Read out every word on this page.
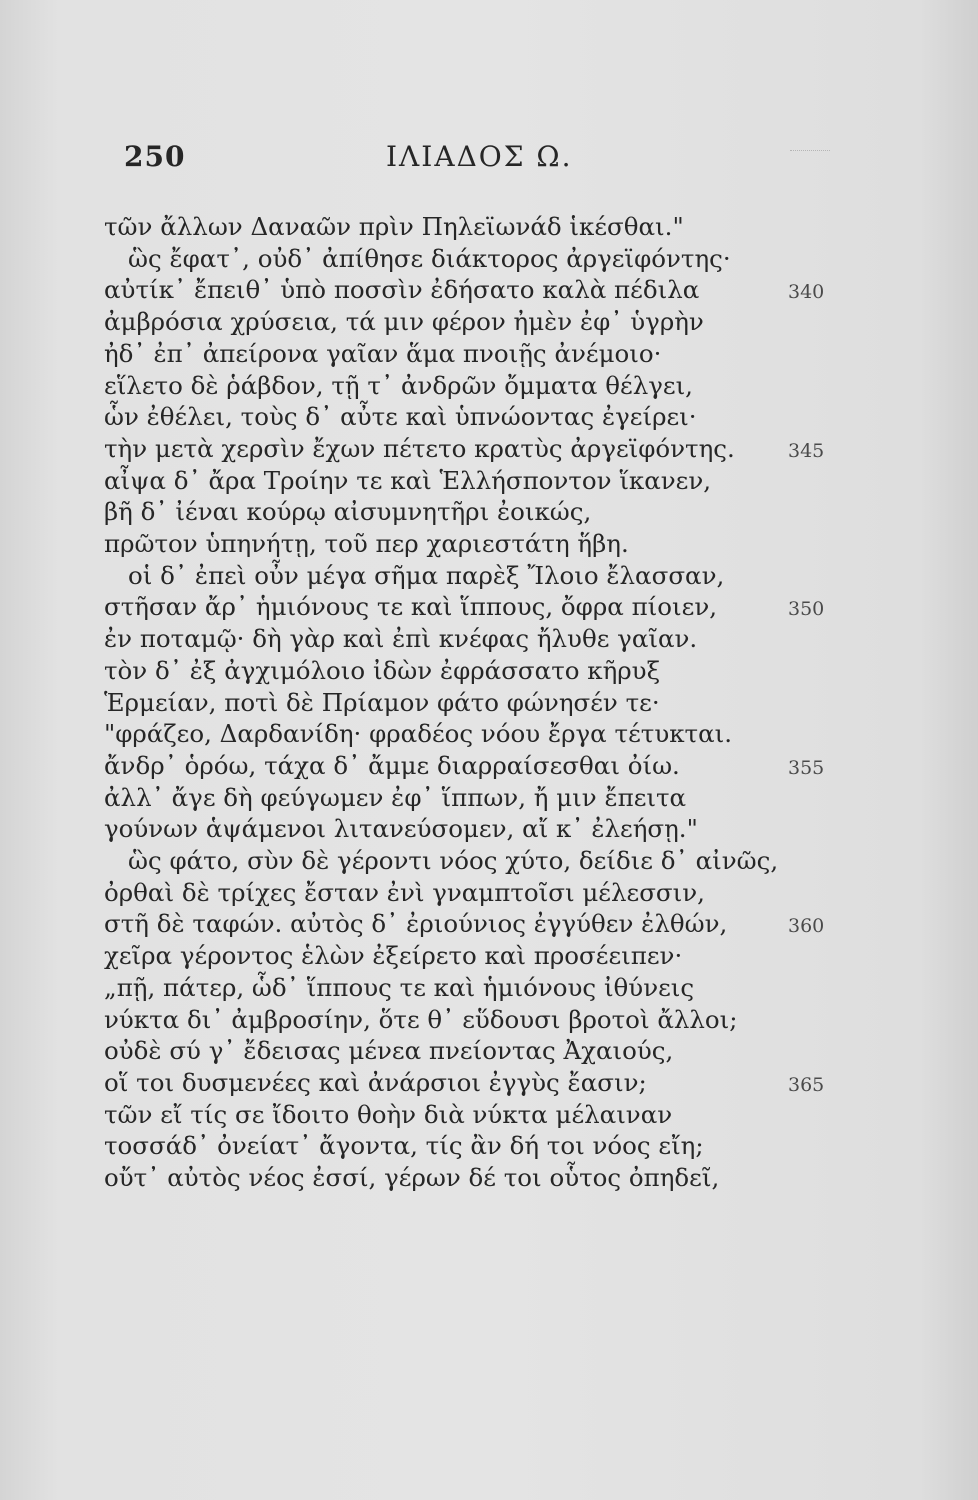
250	ΙΛΙΑΔΟΣ Ω.
τῶν ἄλλων Δαναῶν πρὶν Πηλεϊωνάδ ἱκέσθαι."
ὣς ἔφατ᾽, οὐδ᾽ ἀπίθησε διάκτορος ἀργεϊφόντης·
αὐτίκ᾽ ἔπειθ᾽ ὑπὸ ποσσὶν ἐδήσατο καλὰ πέδιλα	340
ἀμβρόσια χρύσεια, τά μιν φέρον ἠμὲν ἐφ᾽ ὑγρὴν
ἠδ᾽ ἐπ᾽ ἀπείρονα γαῖαν ἅμα πνοιῇς ἀνέμοιο·
εἵλετο δὲ ῥάβδον, τῇ τ᾽ ἀνδρῶν ὄμματα θέλγει,
ὧν ἐθέλει, τοὺς δ᾽ αὖτε καὶ ὑπνώοντας ἐγείρει·
τὴν μετὰ χερσὶν ἔχων πέτετο κρατὺς ἀργεϊφόντης.	345
αἶψα δ᾽ ἄρα Τροίην τε καὶ Ἑλλήσποντον ἵκανεν,
βῆ δ᾽ ἰέναι κούρῳ αἰσυμνητῆρι ἐοικώς,
πρῶτον ὑπηνήτῃ, τοῦ περ χαριεστάτη ἥβη.
οἱ δ᾽ ἐπεὶ οὖν μέγα σῆμα παρὲξ Ἴλοιο ἔλασσαν,
στῆσαν ἄρ᾽ ἡμιόνους τε καὶ ἵππους, ὄφρα πίοιεν,	350
ἐν ποταμῷ· δὴ γὰρ καὶ ἐπὶ κνέφας ἤλυθε γαῖαν.
τὸν δ᾽ ἐξ ἀγχιμόλοιο ἰδὼν ἐφράσσατο κῆρυξ
Ἑρμείαν, ποτὶ δὲ Πρίαμον φάτο φώνησέν τε·
"φράζεο, Δαρδανίδη· φραδέος νόου ἔργα τέτυκται.
ἄνδρ᾽ ὁρόω, τάχα δ᾽ ἄμμε διαρραίσεσθαι ὀίω.	355
ἀλλ᾽ ἄγε δὴ φεύγωμεν ἐφ᾽ ἵππων, ἤ μιν ἔπειτα
γούνων ἁψάμενοι λιτανεύσομεν, αἴ κ᾽ ἐλεήσῃ."
ὣς φάτο, σὺν δὲ γέροντι νόος χύτο, δείδιε δ᾽ αἰνῶς,
ὀρθαὶ δὲ τρίχες ἔσταν ἐνὶ γναμπτοῖσι μέλεσσιν,
στῆ δὲ ταφών. αὐτὸς δ᾽ ἐριούνιος ἐγγύθεν ἐλθών,	360
χεῖρα γέροντος ἑλὼν ἐξείρετο καὶ προσέειπεν·
„πῇ, πάτερ, ὧδ᾽ ἵππους τε καὶ ἡμιόνους ἰθύνεις
νύκτα δι᾽ ἀμβροσίην, ὅτε θ᾽ εὕδουσι βροτοὶ ἄλλοι;
οὐδὲ σύ γ᾽ ἔδεισας μένεα πνείοντας Ἀχαιούς,
οἵ τοι δυσμενέες καὶ ἀνάρσιοι ἐγγὺς ἔασιν;	365
τῶν εἴ τίς σε ἴδοιτο θοὴν διὰ νύκτα μέλαιναν
τοσσάδ᾽ ὀνείατ᾽ ἄγοντα, τίς ἂν δή τοι νόος εἴη;
οὔτ᾽ αὐτὸς νέος ἐσσί, γέρων δέ τοι οὗτος ὀπηδεῖ,
